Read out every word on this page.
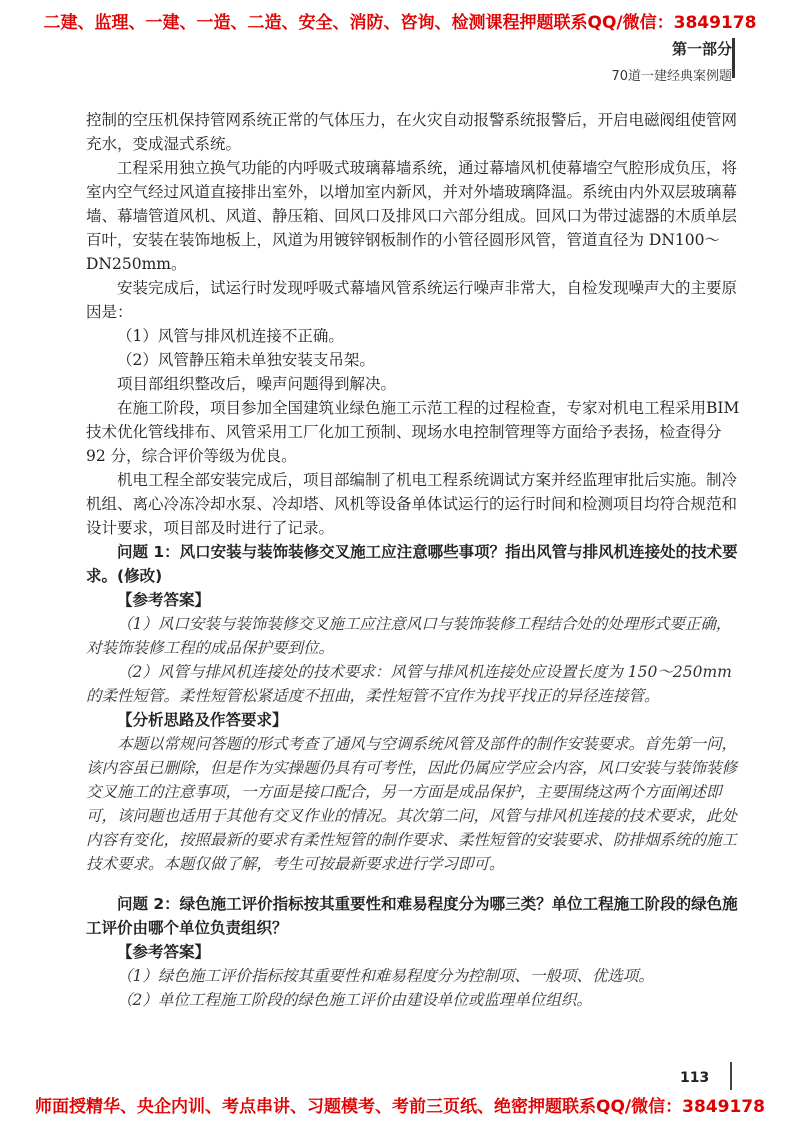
二建、监理、一建、一造、二造、安全、消防、咨询、检测课程押题联系QQ/微信：3849178
第一部分
70道一建经典案例题

控制的空压机保持管网系统正常的气体压力，在火灾自动报警系统报警后，开启电磁阀组使管网充水，变成湿式系统。

工程采用独立换气功能的内呼吸式玻璃幕墙系统，通过幕墙风机使幕墙空气腔形成负压，将室内空气经过风道直接排出室外，以增加室内新风，并对外墙玻璃降温。系统由内外双层玻璃幕墙、幕墙管道风机、风道、静压箱、回风口及排风口六部分组成。回风口为带过滤器的木质单层百叶，安装在装饰地板上，风道为用镀锌钢板制作的小管径圆形风管，管道直径为 DN100～DN250mm。

安装完成后，试运行时发现呼吸式幕墙风管系统运行噪声非常大，自检发现噪声大的主要原因是：

（1）风管与排风机连接不正确。

（2）风管静压箱未单独安装支吊架。

项目部组织整改后，噪声问题得到解决。

在施工阶段，项目参加全国建筑业绿色施工示范工程的过程检查，专家对机电工程采用BIM 技术优化管线排布、风管采用工厂化加工预制、现场水电控制管理等方面给予表扬，检查得分 92 分，综合评价等级为优良。

机电工程全部安装完成后，项目部编制了机电工程系统调试方案并经监理审批后实施。制冷机组、离心冷冻冷却水泵、冷却塔、风机等设备单体试运行的运行时间和检测项目均符合规范和设计要求，项目部及时进行了记录。

问题 1：风口安装与装饰装修交叉施工应注意哪些事项？指出风管与排风机连接处的技术要求。(修改)

【参考答案】

（1）风口安装与装饰装修交叉施工应注意风口与装饰装修工程结合处的处理形式要正确，对装饰装修工程的成品保护要到位。

（2）风管与排风机连接处的技术要求：风管与排风机连接处应设置长度为 150～250mm 的柔性短管。柔性短管松紧适度不扭曲，柔性短管不宜作为找平找正的异径连接管。

【分析思路及作答要求】

本题以常规问答题的形式考查了通风与空调系统风管及部件的制作安装要求。首先第一问，该内容虽已删除，但是作为实操题仍具有可考性，因此仍属应学应会内容，风口安装与装饰装修交叉施工的注意事项，一方面是接口配合，另一方面是成品保护，主要围绕这两个方面阐述即可，该问题也适用于其他有交叉作业的情况。其次第二问，风管与排风机连接的技术要求，此处内容有变化，按照最新的要求有柔性短管的制作要求、柔性短管的安装要求、防排烟系统的施工技术要求。本题仅做了解，考生可按最新要求进行学习即可。

问题 2：绿色施工评价指标按其重要性和难易程度分为哪三类？单位工程施工阶段的绿色施工评价由哪个单位负责组织？

【参考答案】

（1）绿色施工评价指标按其重要性和难易程度分为控制项、一般项、优选项。

（2）单位工程施工阶段的绿色施工评价由建设单位或监理单位组织。

113
师面授精华、央企内训、考点串讲、习题模考、考前三页纸、绝密押题联系QQ/微信：3849178
